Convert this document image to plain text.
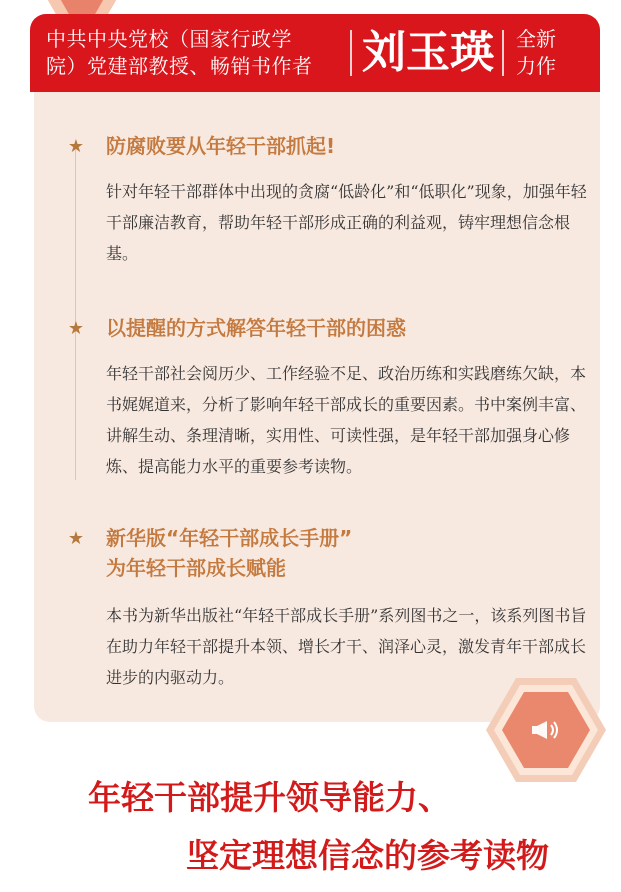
中共中央党校（国家行政学
院）党建部教授、畅销书作者	刘玉瑛 全新
力作
★ 防腐败要从年轻干部抓起!
针对年轻干部群体中出现的贪腐“低龄化”和“低职化”现象，加强年轻干部廉洁教育，帮助年轻干部形成正确的利益观，铸牢理想信念根基。
★ 以提醒的方式解答年轻干部的困惑
年轻干部社会阅历少、工作经验不足、政治历练和实践磨练欠缺，本书娓娓道来，分析了影响年轻干部成长的重要因素。书中案例丰富、讲解生动、条理清晰，实用性、可读性强，是年轻干部加强身心修炼、提高能力水平的重要参考读物。
★ 新华版“年轻干部成长手册”
为年轻干部成长赋能
本书为新华出版社“年轻干部成长手册”系列图书之一，该系列图书旨在助力年轻干部提升本领、增长才干、润泽心灵，激发青年干部成长进步的内驱动力。
年轻干部提升领导能力、
坚定理想信念的参考读物
